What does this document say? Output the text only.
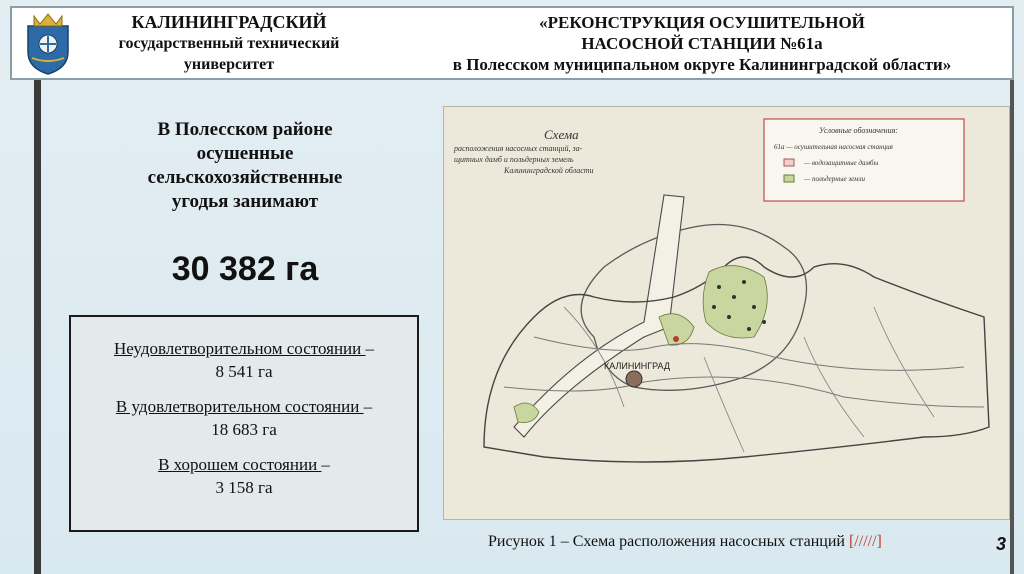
КАЛИНИНГРАДСКИЙ
государственный технический
университет
«РЕКОНСТРУКЦИЯ ОСУШИТЕЛЬНОЙ
НАСОСНОЙ СТАНЦИИ №61а
в Полесском муниципальном округе Калининградской области»
В Полесском районе
осушенные
сельскохозяйственные
угодья занимают
30 382 га
Неудовлетворительном состоянии –
8 541 га
В удовлетворительном состоянии –
18 683 га
В хорошем состоянии –
3 158 га
КАЛИНИНГРАД
Схема
расположения насосных станций, за-
щитных дамб и польдерных земель
Калининградской области
Условные обозначения:
61а — осушительная насосная станция
— водозащитные дамбы
— польдерные земли
Рисунок 1 – Схема расположения насосных станций [/////]	3
